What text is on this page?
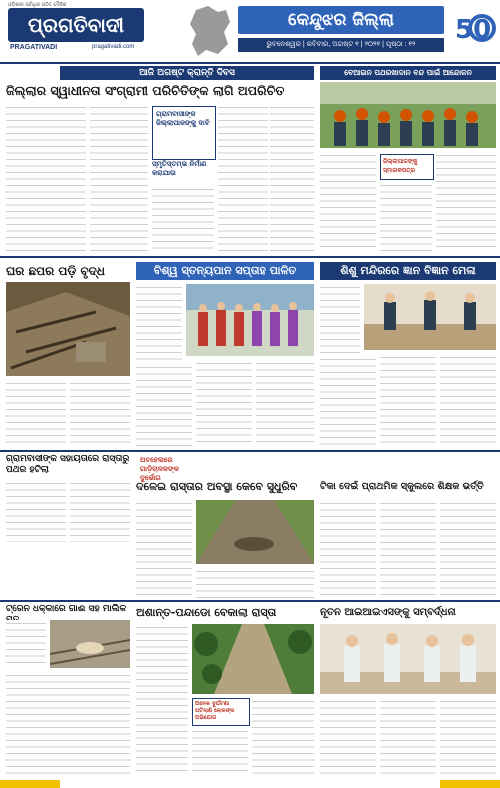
ଓଡ଼ିଶାର ସର୍ବାଧିକ ପଠିତ ଦୈନିକ
ପ୍ରଗତିବାଦୀ
PRAGATIVADI	pragativadi.com
କେନ୍ଦୁଝର ଜିଲ୍ଲା
ଭୁବନେଶ୍ୱର | ରବିବାର, ଅଗଷ୍ଟ ୧ | ୨୦୨୧ | ପୃଷ୍ଠା : ୧୨	50
ଆଜି ଅଗଷ୍ଟ କ୍ରାନ୍ତି ଦିବସ
ଜିଲ୍ଲାର ସ୍ୱାଧୀନତା ସଂଗ୍ରାମୀ ପରିଚିତିଙ୍କ ଲାଗି ଅପରିଚିତ
ଗ୍ରାମବାସୀଙ୍କ ଜିଲ୍ଲାପାଳଙ୍କୁ ଦାବି
ସ୍ମୃତିସ୍ତମ୍ଭ ନିର୍ମାଣ କରାଯାଉ
ବେଆଇନ ପଥରଖାଦାନ ବନ୍ଦ ପାଇଁ ଆନ୍ଦୋଳନ
ଜିଲ୍ଲାପାଳଙ୍କୁ ସ୍ମାରକପତ୍ର
ଘର ଛପର ପଡ଼ି ବୃଦ୍ଧ	ବିଶ୍ୱ ସ୍ତନ୍ୟପାନ ସପ୍ତାହ ପାଳିତ	ଶିଶୁ ମନ୍ଦିରରେ ଜ୍ଞାନ ବିଜ୍ଞାନ ମେଳା
ଗ୍ରାମବାସୀଙ୍କ ସହାୟତାରେ ରାସ୍ତାରୁ ପଥର ହଟିଲା
ଅବହେଳାରେ ଗାଡ଼ିଚାଳକଙ୍କ ଦୁର୍ଭୋଗ
ଦଳେଇ ରାସ୍ତାର ଅବସ୍ଥା କେବେ ସୁଧୁରିବ	ଟିକା ଦେଇଁ ପ୍ରାଥମିକ ସ୍କୁଲରେ ଶିକ୍ଷକ ଭର୍ତ୍ତି
ଟ୍ରେନ ଧକ୍କାରେ ଗାଈ ସହ ମାଲିକ ଅଶାନ୍ତ-ପନ୍ଦାଡୋ ବେକାଲା ରାସ୍ତା
ଅନେକ ଦୁର୍ଘଟଣା ଘଟିଲାଣି ଲୋକଙ୍କ ଅଭିଯୋଗ
ନୂତନ ଆଇଆଇଏସଙ୍କୁ ସମ୍ବର୍ଦ୍ଧନା
